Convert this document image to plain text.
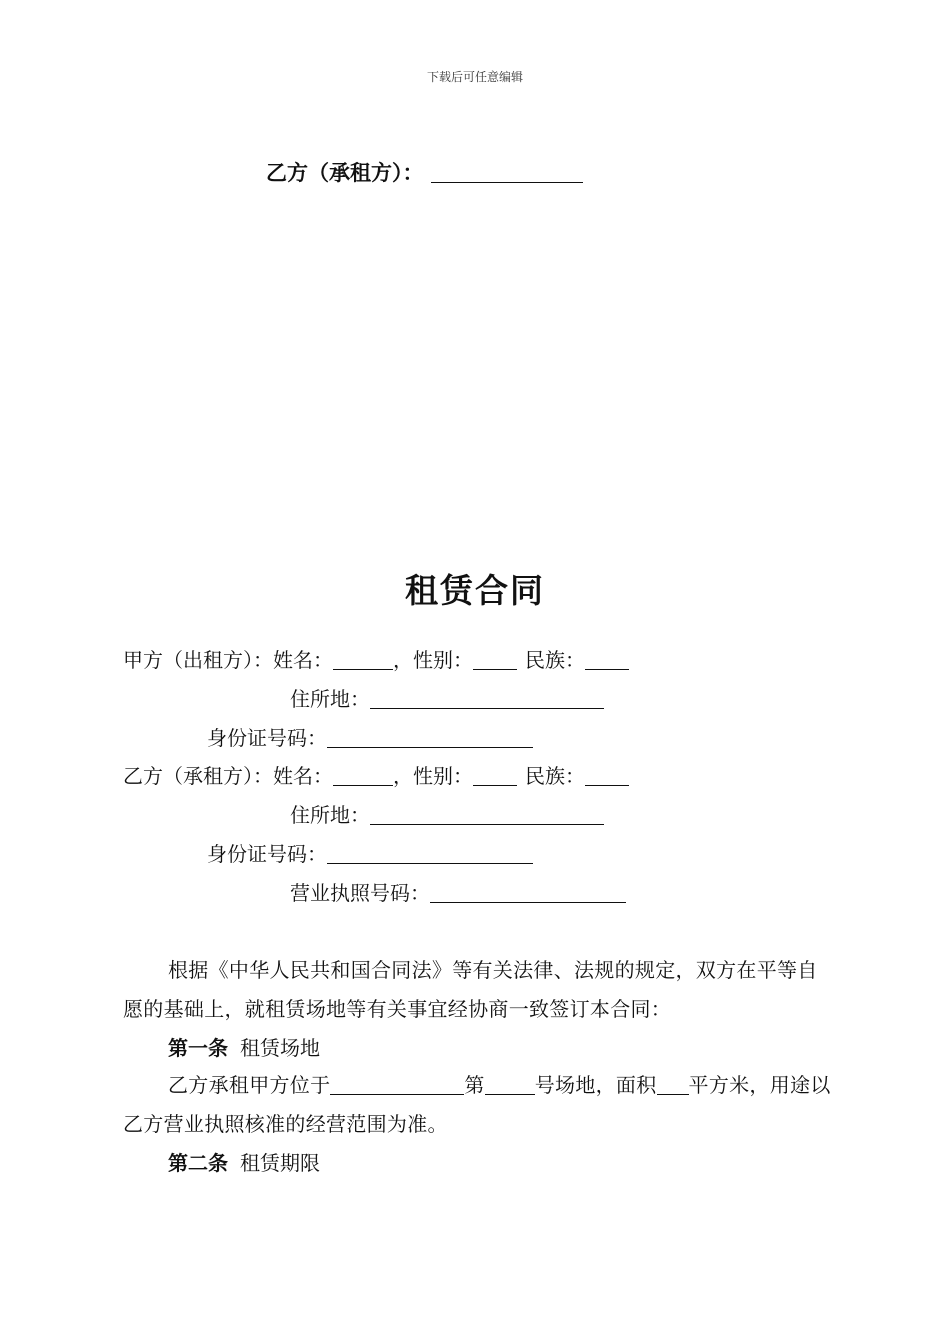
下载后可任意编辑
乙方（承租方）：
租赁合同
甲方（出租方）：姓名：	，性别：	民族：
住所地：
身份证号码：
乙方（承租方）：姓名：	，性别：	民族：
住所地：
身份证号码：
营业执照号码：
根据《中华人民共和国合同法》等有关法律、法规的规定，双方在平等自愿的基础上，就租赁场地等有关事宜经协商一致签订本合同：
第一条 租赁场地
乙方承租甲方位于	第	号场地，面积 平方米，用途以乙方营业执照核准的经营范围为准。
第二条 租赁期限
